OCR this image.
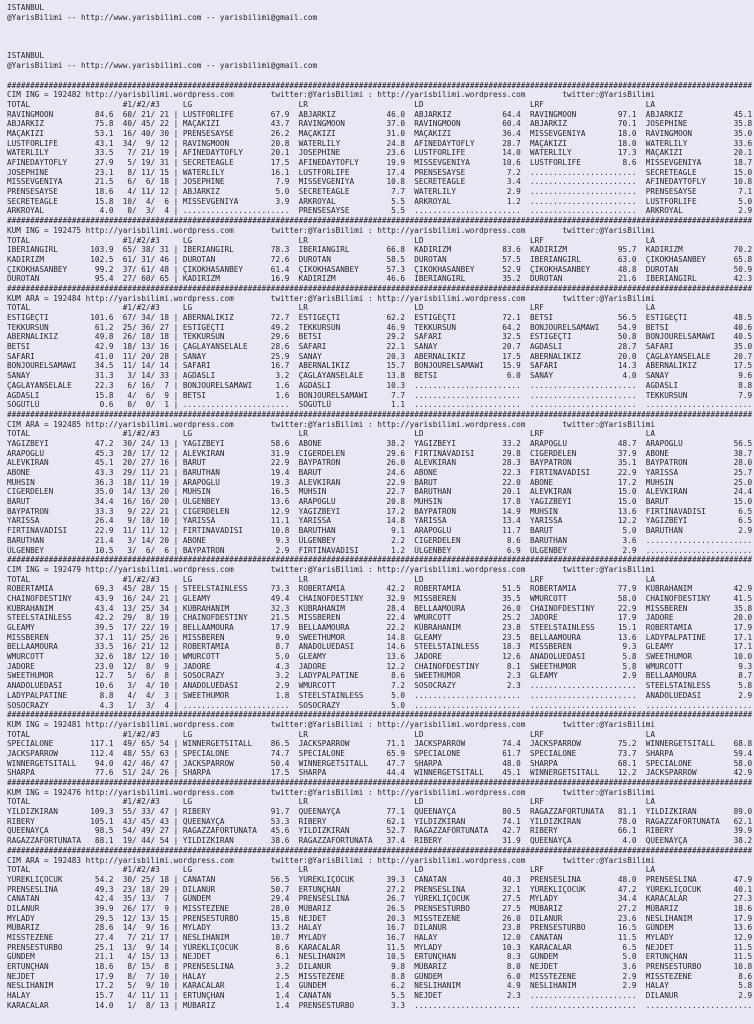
ISTANBUL
@YarisBilimi -- http://www.yarisbilimi.com -- yarisbilimi@gmail.com
ISTANBUL
@YarisBilimi -- http://www.yarisbilimi.com -- yarisbilimi@gmail.com
#################################################################################################################################################################
CIM ING = 192482 http://yarisbilimi.wordpress.com        twitter:@YarisBilimi : http://yarisbilimi.wordpress.com        twitter:@YarisBilimi
TOTAL                    #1/#2/#3     LG                       LR                       LD                       LRF                      LA
RAVINGMOON         84.6  60/ 21/ 21 | LUSTFORLIFE        67.9  ABJARKIZ           46.0  ABJARKIZ           64.4  RAVINGMOON         97.1  ABJARKIZ           45.1
ABJARKIZ           75.8  40/ 45/ 22 | MAÇAKIZI           43.7  RAVINGMOON         37.0  RAVINGMOON         60.4  ABJARKIZ           70.1  JOSEPHINE          35.8
MAÇAKIZI           53.1  16/ 40/ 30 | PRENSESAYSE        26.2  MAÇAKIZI           31.0  MAÇAKIZI           36.4  MISSEVGENIYA       18.0  RAVINGMOON         35.0
LUSTFORLIFE        43.1  34/  9/ 12 | RAVINGMOON         20.8  WATERLILY          24.8  AFINEDAYTOFLY      28.7  MAÇAKIZI           18.0  WATERLILY          33.6
WATERLILY          33.5   7/ 21/ 19 | AFINEDAYTOFLY      20.1  JOSEPHINE          23.6  LUSTFORLIFE        14.0  WATERLILY          17.3  MAÇAKIZI           20.1
AFINEDAYTOFLY      27.9   5/ 19/ 31 | SECRETEAGLE        17.5  AFINEDAYTOFLY      19.9  MISSEVGENIYA       10.6  LUSTFORLIFE         8.6  MISSEVGENIYA       18.7
JOSEPHINE          23.1   8/ 11/ 15 | WATERLILY          16.1  LUSTFORLIFE        17.4  PRENSESAYSE         7.2  .......................  SECRETEAGLE        15.0
MISSEVGENIYA       21.5   6/  6/ 18 | JOSEPHINE           7.9  MISSEVGENIYA       10.8  SECRETEAGLE         3.4  .......................  AFINEDAYTOFLY      10.8
PRENSESAYSE        18.6   4/ 11/ 12 | ABJARKIZ            5.0  SECRETEAGLE         7.7  WATERLILY           2.9  .......................  PRENSESAYSE         7.1
SECRETEAGLE        15.8  10/  4/  6 | MISSEVGENIYA        3.9  ARKROYAL            5.5  ARKROYAL            1.2  .......................  LUSTFORLIFE         5.0
ARKROYAL            4.0   0/  3/  4 | .......................  PRENSESAYSE         5.5  .......................  .......................  ARKROYAL            2.9
#################################################################################################################################################################
KUM ING = 192475 http://yarisbilimi.wordpress.com        twitter:@YarisBilimi : http://yarisbilimi.wordpress.com        twitter:@YarisBilimi
TOTAL                    #1/#2/#3     LG                       LR                       LD                       LRF                      LA
IBERIANGIRL       103.9  65/ 38/ 31 | IBERIANGIRL        78.3  IBERIANGIRL        66.8  KADIRIZM           83.6  KADIRIZM           95.7  KADIRIZM           70.2
KADIRIZM          102.5  61/ 31/ 46 | DUROTAN            72.6  DUROTAN            58.5  DUROTAN            57.5  IBERIANGIRL        63.0  ÇIKOKHASANBEY      65.8
ÇIKOKHASANBEY      99.2  37/ 61/ 48 | ÇIKOKHASANBEY      61.4  ÇIKOKHASANBEY      57.3  ÇIKOKHASANBEY      52.9  ÇIKOKHASANBEY      48.8  DUROTAN            50.9
DUROTAN            95.4  27/ 60/ 65 | KADIRIZM           16.9  KADIRIZM           46.6  IBERIANGIRL        35.2  DUROTAN            21.6  IBERIANGIRL        42.3
#################################################################################################################################################################
KUM ARA = 192484 http://yarisbilimi.wordpress.com        twitter:@YarisBilimi : http://yarisbilimi.wordpress.com        twitter:@YarisBilimi
TOTAL                    #1/#2/#3     LG                       LR                       LD                       LRF                      LA
ESTIGEÇTI         101.6  67/ 34/ 18 | ABERNALIKIZ        72.7  ESTIGEÇTI          62.2  ESTIGEÇTI          72.1  BETSI              56.5  ESTIGEÇTI          48.5
TEKKURSUN          61.2  25/ 36/ 27 | ESTIGEÇTI          49.2  TEKKURSUN          46.9  TEKKURSUN          64.2  BONJOURELSAMAWI    54.9  BETSI              40.6
ABERNALIKIZ        49.8  26/ 18/ 18 | TEKKURSUN          29.6  BETSI              29.2  SAFARI             32.5  ESTIGEÇTI          50.8  BONJOURELSAMAWI    40.5
BETSI              42.9  18/ 13/ 16 | ÇAGLAYANSELALE     28.6  SAFARI             22.1  SANAY              20.7  AGDASLI            28.7  SAFARI             35.0
SAFARI             41.0  11/ 20/ 28 | SANAY              25.9  SANAY              20.3  ABERNALIKIZ        17.5  ABERNALIKIZ        20.0  ÇAGLAYANSELALE     20.7
BONJOURELSAMAWI    34.5  11/ 14/ 14 | SAFARI             16.7  ABERNALIKIZ        15.7  BONJOURELSAMAWI    15.9  SAFARI             14.3  ABERNALIKIZ        17.5
SANAY              31.3   3/ 14/ 33 | AGDASLI             3.2  ÇAGLAYANSELALE     13.8  BETSI               6.0  SANAY               4.0  SANAY               9.6
ÇAGLAYANSELALE     22.3   6/ 16/  7 | BONJOURELSAMAWI     1.6  AGDASLI            10.3  .......................  .......................  AGDASLI             8.8
AGDASLI            15.8   4/  6/  9 | BETSI               1.6  BONJOURELSAMAWI     7.7  .......................  .......................  TEKKURSUN           7.9
SÖGÜTLÜ             0.6   0/  0/  1 | .......................  SÖGÜTLÜ             1.1  .......................  .......................  .......................
#################################################################################################################################################################
CIM ARA = 192485 http://yarisbilimi.wordpress.com        twitter:@YarisBilimi : http://yarisbilimi.wordpress.com        twitter:@YarisBilimi
TOTAL                    #1/#2/#3     LG                       LR                       LD                       LRF                      LA
YAGIZBEYI          47.2  30/ 24/ 13 | YAGIZBEYI          58.6  ABONE              38.2  YAGIZBEYI          33.2  ARAPOGLU           48.7  ARAPOGLU           56.5
ARAPOGLU           45.3  28/ 17/ 12 | ALEVKIRAN          31.9  CIGERDELEN         29.6  FIRTINAVADISI      29.8  CIGERDELEN         37.9  ABONE              38.7
ALEVKIRAN          45.1  20/ 27/ 16 | BARUT              22.9  BAYPATRON          26.0  ALEVKIRAN          28.3  BAYPATRON          35.1  BAYPATRON          28.0
ABONE              43.3  29/ 11/ 21 | BARUTHAN           19.4  BARUT              24.6  ABONE              22.3  FIRTINAVADISI      22.9  YARISSA            25.7
MUHSIN             36.3  18/ 11/ 19 | ARAPOGLU           19.3  ALEVKIRAN          22.9  BARUT              22.0  ABONE              17.2  MUHSIN             25.0
CIGERDELEN         35.0  14/ 13/ 20 | MUHSIN             16.5  MUHSIN             22.7  BARUTHAN           20.1  ALEVKIRAN          15.0  ALEVKIRAN          24.4
BARUT              34.4  16/ 16/ 20 | ÜLGENBEY           13.6  ARAPOGLU           20.8  MUHSIN             17.8  YAGIZBEYI          15.0  BARUT              15.0
BAYPATRON          33.3   9/ 22/ 21 | CIGERDELEN         12.9  YAGIZBEYI          17.2  BAYPATRON          14.9  MUHSIN             13.6  FIRTINAVADISI       6.5
YARISSA            26.4   9/ 18/ 10 | YARISSA            11.1  YARISSA            14.8  YARISSA            13.4  YARISSA            12.2  YAGIZBEYI           6.5
FIRTINAVADISI      22.9  11/ 11/ 12 | FIRTINAVADISI      10.8  BARUTHAN            9.1  ARAPOGLU           11.7  BARUT               5.0  BARUTHAN            2.9
BARUTHAN           21.4   3/ 14/ 20 | ABONE               9.3  ÜLGENBEY            2.2  CIGERDELEN          8.6  BARUTHAN            3.6  .......................
ÜLGENBEY           10.5   3/  6/  6 | BAYPATRON           2.9  FIRTINAVADISI       1.2  ÜLGENBEY            6.9  ÜLGENBEY            2.9  .......................
#################################################################################################################################################################
CIM ING = 192479 http://yarisbilimi.wordpress.com        twitter:@YarisBilimi : http://yarisbilimi.wordpress.com        twitter:@YarisBilimi
TOTAL                    #1/#2/#3     LG                       LR                       LD                       LRF                      LA
ROBERTAMIA         69.3  45/ 28/ 15 | STEELSTAINLESS     73.3  ROBERTAMIA         42.2  ROBERTAMIA         51.5  ROBERTAMIA         77.9  KÜBRAHANIM         42.9
CHAINOFDESTINY     43.9  16/ 24/ 21 | GLEAMY             49.4  CHAINOFDESTINY     32.9  MISSBEREN          35.5  WMURCOTT           58.0  CHAINOFDESTINY     41.5
KÜBRAHANIM         43.4  13/ 25/ 34 | KÜBRAHANIM         32.3  KÜBRAHANIM         28.4  BELLAAMOURA        26.0  CHAINOFDESTINY     22.9  MISSBEREN          35.8
STEELSTAINLESS     42.2  29/  8/ 19 | CHAINOFDESTINY     21.5  MISSBEREN          22.4  WMURCOTT           25.2  JADORE             17.9  JADORE             20.0
GLEAMY             39.5  17/ 22/ 19 | BELLAAMOURA        17.9  BELLAAMOURA        22.2  KÜBRAHANIM         23.8  STEELSTAINLESS     15.1  ROBERTAMIA         17.9
MISSBEREN          37.1  11/ 25/ 26 | MISSBEREN           9.0  SWEETHUMOR         14.8  GLEAMY             23.5  BELLAAMOURA        13.6  LADYPALPATINE      17.1
BELLAAMOURA        33.5  16/ 21/ 12 | ROBERTAMIA          8.7  ANADOLUEDASI       14.6  STEELSTAINLESS     18.3  MISSBEREN           9.3  GLEAMY             17.1
WMURCOTT           32.6  18/ 12/ 10 | WMURCOTT            5.0  GLEAMY             13.6  JADORE             12.6  ANADOLUEDASI        5.8  SWEETHUMOR         10.0
JADORE             23.0  12/  8/  9 | JADORE              4.3  JADORE             12.2  CHAINOFDESTINY      8.1  SWEETHUMOR          5.8  WMURCOTT            9.3
SWEETHUMOR         12.7   5/  6/  8 | SOSOCRAZY           3.2  LADYPALPATINE       8.6  SWEETHUMOR          2.3  GLEAMY              2.9  BELLAAMOURA         8.7
ANADOLUEDASI       10.6   3/  4/ 10 | ANADOLUEDASI        2.9  WMURCOTT            7.2  SOSOCRAZY           2.3  .......................  STEELSTAINLESS      5.8
LADYPALPATINE       8.8   4/  4/  3 | SWEETHUMOR          1.8  STEELSTAINLESS      5.0  .......................  .......................  ANADOLUEDASI        2.9
SOSOCRAZY           4.3   1/  3/  4 | .......................  SOSOCRAZY           5.0  .......................  .......................  .......................
#################################################################################################################################################################
KUM ING = 192481 http://yarisbilimi.wordpress.com        twitter:@YarisBilimi : http://yarisbilimi.wordpress.com        twitter:@YarisBilimi
TOTAL                    #1/#2/#3     LG                       LR                       LD                       LRF                      LA
SPECIALONE        117.1  49/ 65/ 54 | WINNERGETSITALL    86.5  JACKSPARROW        71.1  JACKSPARROW        74.4  JACKSPARROW        75.2  WINNERGETSITALL    68.8
JACKSPARROW       112.4  48/ 55/ 63 | SPECIALONE         74.7  SPECIALONE         65.9  SPECIALONE         61.7  SPECIALONE         73.7  SHARPA             59.4
WINNERGETSITALL    94.0  42/ 46/ 47 | JACKSPARROW        50.4  WINNERGETSITALL    47.7  SHARPA             48.0  SHARPA             68.1  SPECIALONE         58.0
SHARPA             77.6  51/ 24/ 26 | SHARPA             17.5  SHARPA             44.4  WINNERGETSITALL    45.1  WINNERGETSITALL    12.2  JACKSPARROW        42.9
#################################################################################################################################################################
KUM ING = 192476 http://yarisbilimi.wordpress.com        twitter:@YarisBilimi : http://yarisbilimi.wordpress.com        twitter:@YarisBilimi
TOTAL                    #1/#2/#3     LG                       LR                       LD                       LRF                      LA
YILDIZKIRAN       109.3  55/ 33/ 47 | RIBERY             91.7  QUEENAYÇA          77.1  QUEENAYÇA          80.5  RAGAZZAFORTUNATA   81.1  YILDIZKIRAN        89.0
RIBERY            105.1  43/ 45/ 43 | QUEENAYÇA          53.3  RIBERY             62.1  YILDIZKIRAN        74.1  YILDIZKIRAN        78.0  RAGAZZAFORTUNATA   62.1
QUEENAYÇA          98.5  54/ 49/ 27 | RAGAZZAFORTUNATA   45.6  YILDIZKIRAN        52.7  RAGAZZAFORTUNATA   42.7  RIBERY             66.1  RIBERY             39.9
RAGAZZAFORTUNATA   88.1  19/ 44/ 54 | YILDIZKIRAN        38.6  RAGAZZAFORTUNATA   37.4  RIBERY             31.9  QUEENAYÇA           4.0  QUEENAYÇA          38.2
#################################################################################################################################################################
CIM ARA = 192483 http://yarisbilimi.wordpress.com        twitter:@YarisBilimi : http://yarisbilimi.wordpress.com        twitter:@YarisBilimi
TOTAL                    #1/#2/#3     LG                       LR                       LD                       LRF                      LA
YÜREKLIÇOCUK       54.2  30/ 25/ 18 | CANATAN            56.5  YÜREKLIÇOCUK       39.3  CANATAN            40.3  PRENSESLINA        48.0  PRENSESLINA        47.9
PRENSESLINA        49.3  23/ 18/ 29 | DILANUR            50.7  ERTUNÇHAN          27.2  PRENSESLINA        32.1  YÜREKLIÇOCUK       47.2  YÜREKLIÇOCUK       40.1
CANATAN            42.4  35/ 13/  7 | GÜNDEM             29.4  PRENSESLINA        26.7  YÜREKLIÇOCUK       27.5  MYLADY             34.4  KARACALAR          27.3
DILANUR            39.9  26/ 17/  9 | MISSTEZENE         28.0  MÜBARIZ            26.5  PRENSESTURBO       27.5  MÜBARIZ            27.2  MÜBARIZ            18.6
MYLADY             29.5  12/ 13/ 15 | PRENSESTURBO       15.8  NEJDET             20.3  MISSTEZENE         26.0  DILANUR            23.6  NESLIHANIM         17.9
MÜBARIZ            28.6  14/  9/ 16 | MYLADY             13.2  HALAY              16.7  DILANUR            23.8  PRENSESTURBO       16.5  GÜNDEM             13.6
MISSTEZENE         27.4   7/ 21/ 17 | NESLIHANIM         10.7  MYLADY             16.7  HALAY              12.0  CANATAN            11.5  MYLADY             12.9
PRENSESTURBO       25.1  13/  9/ 14 | YÜREKLIÇOCUK        8.6  KARACALAR          11.5  MYLADY             10.3  KARACALAR           6.5  NEJDET             11.5
GÜNDEM             21.1   4/ 15/ 13 | NEJDET              6.1  NESLIHANIM         10.5  ERTUNÇHAN           8.3  GÜNDEM              5.0  ERTUNÇHAN          11.5
ERTUNÇHAN          18.6   8/ 15/  8 | PRENSESLINA         3.2  DILANUR             9.8  MÜBARIZ             8.0  NEJDET              3.6  PRENSESTURBO       10.8
NEJDET             17.9   8/  7/ 10 | HALAY               2.5  MISSTEZENE          8.8  GÜNDEM              6.0  MISSTEZENE          2.9  MISSTEZENE          8.6
NESLIHANIM         17.2   5/  9/ 10 | KARACALAR           1.4  GÜNDEM              6.2  NESLIHANIM          4.9  NESLIHANIM          2.9  HALAY               5.8
HALAY              15.7   4/ 11/ 11 | ERTUNÇHAN           1.4  CANATAN             5.5  NEJDET              2.3  .......................  DILANUR             2.9
KARACALAR          14.0   1/  8/ 13 | MÜBARIZ             1.4  PRENSESTURBO        3.3  .......................  .......................  .......................
